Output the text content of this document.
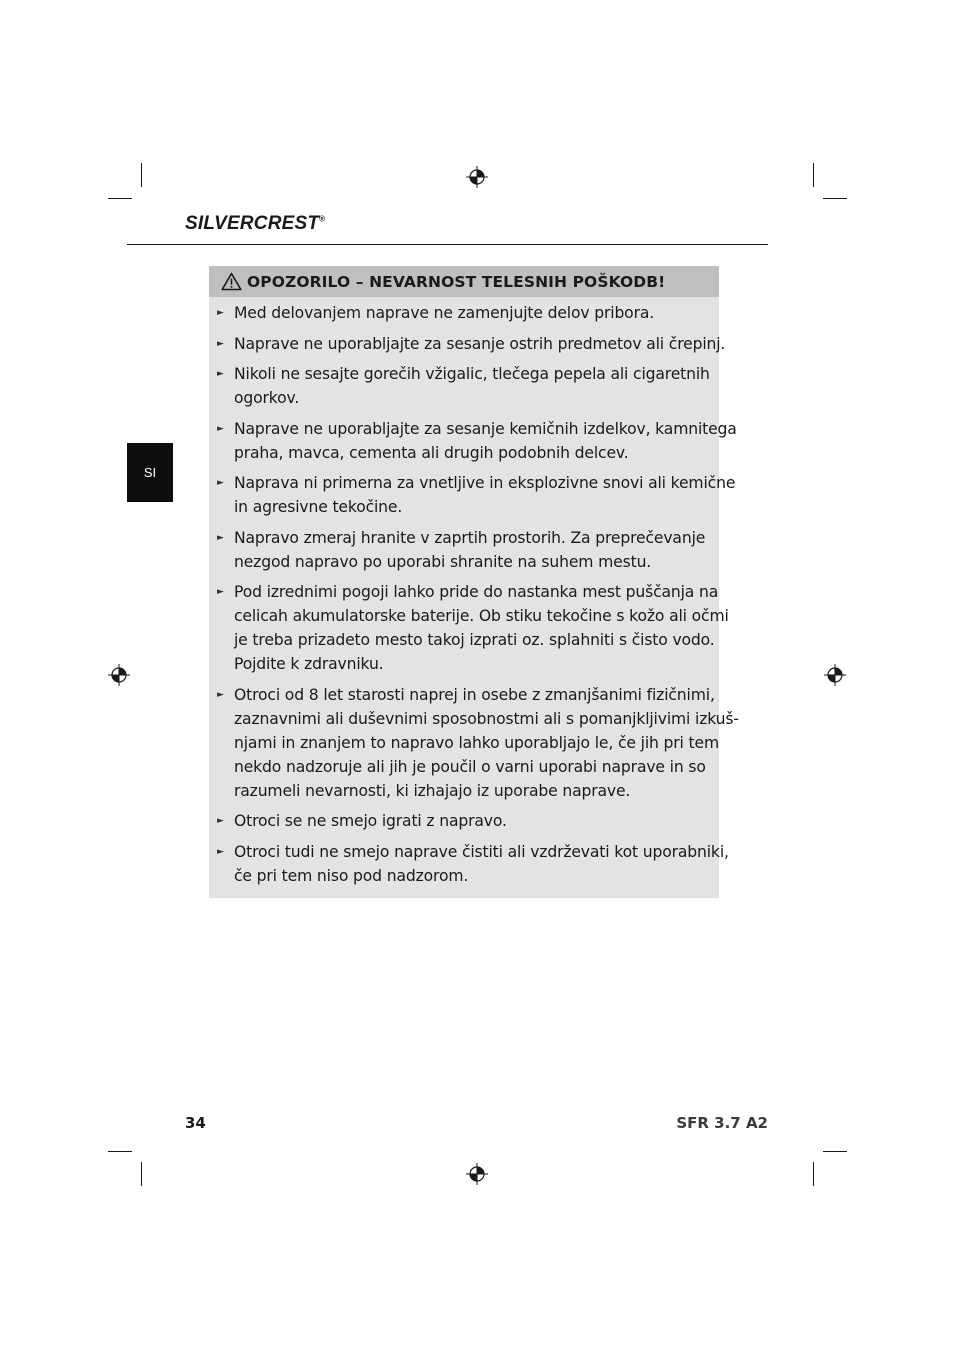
SILVERCREST®
SI
OPOZORILO – NEVARNOST TELESNIH POŠKODB!
► Med delovanjem naprave ne zamenjujte delov pribora.
► Naprave ne uporabljajte za sesanje ostrih predmetov ali črepinj.
► Nikoli ne sesajte gorečih vžigalic, tlečega pepela ali cigaretnih
ogorkov.
► Naprave ne uporabljajte za sesanje kemičnih izdelkov, kamnitega
praha, mavca, cementa ali drugih podobnih delcev.
► Naprava ni primerna za vnetljive in eksplozivne snovi ali kemične
in agresivne tekočine.
► Napravo zmeraj hranite v zaprtih prostorih. Za preprečevanje
nezgod napravo po uporabi shranite na suhem mestu.
► Pod izrednimi pogoji lahko pride do nastanka mest puščanja na
celicah akumulatorske baterije. Ob stiku tekočine s kožo ali očmi
je treba prizadeto mesto takoj izprati oz. splahniti s čisto vodo.
Pojdite k zdravniku.
► Otroci od 8 let starosti naprej in osebe z zmanjšanimi fizičnimi,
zaznavnimi ali duševnimi sposobnostmi ali s pomanjkljivimi izkuš-
njami in znanjem to napravo lahko uporabljajo le, če jih pri tem
nekdo nadzoruje ali jih je poučil o varni uporabi naprave in so
razumeli nevarnosti, ki izhajajo iz uporabe naprave.
► Otroci se ne smejo igrati z napravo.
► Otroci tudi ne smejo naprave čistiti ali vzdrževati kot uporabniki,
če pri tem niso pod nadzorom.
34	SFR 3.7 A2
